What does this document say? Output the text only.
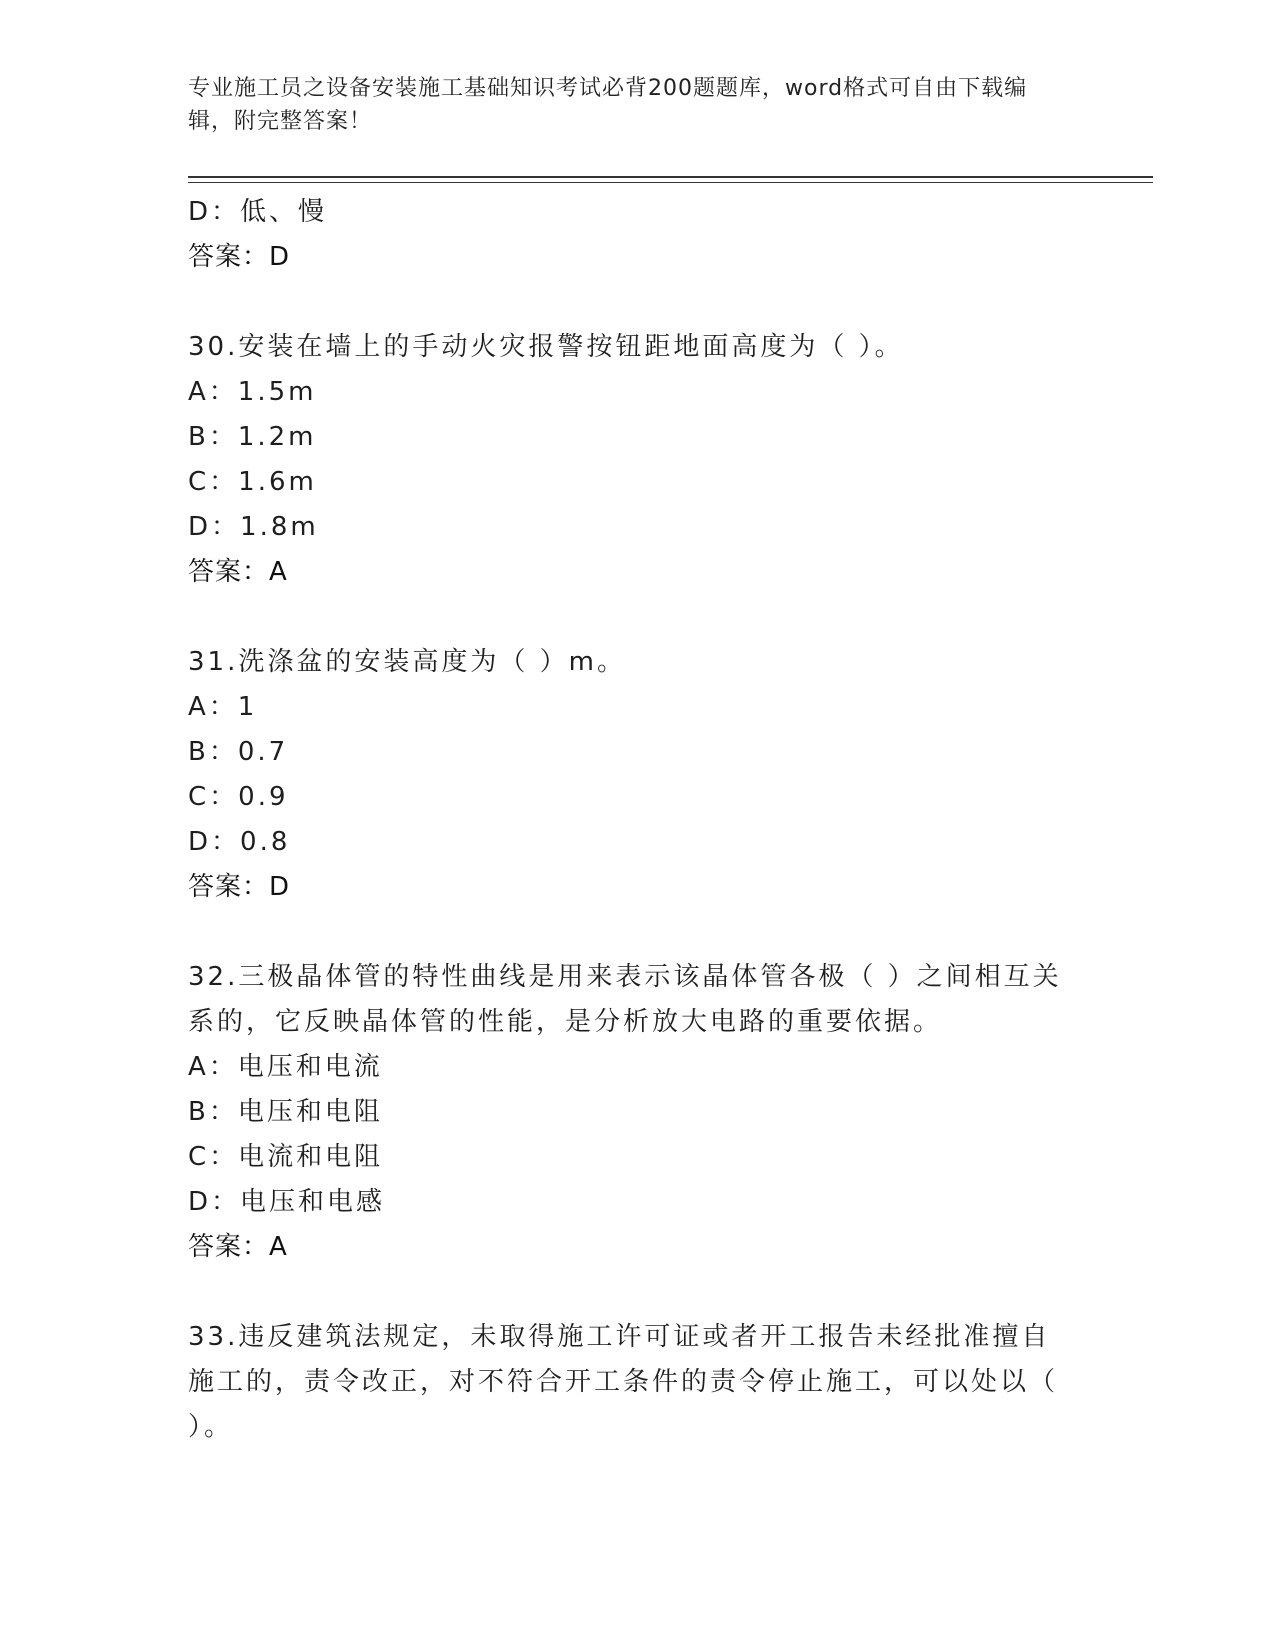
专业施工员之设备安装施工基础知识考试必背200题题库，word格式可自由下载编辑，附完整答案！
D：低、慢
答案：D
30.安装在墙上的手动火灾报警按钮距地面高度为（ ）。
A：1.5m
B：1.2m
C：1.6m
D：1.8m
答案：A
31.洗涤盆的安装高度为（ ）m。
A：1
B：0.7
C：0.9
D：0.8
答案：D
32.三极晶体管的特性曲线是用来表示该晶体管各极（ ）之间相互关系的，它反映晶体管的性能，是分析放大电路的重要依据。
A：电压和电流
B：电压和电阻
C：电流和电阻
D：电压和电感
答案：A
33.违反建筑法规定，未取得施工许可证或者开工报告未经批准擅自施工的，责令改正，对不符合开工条件的责令停止施工，可以处以（ ）。
